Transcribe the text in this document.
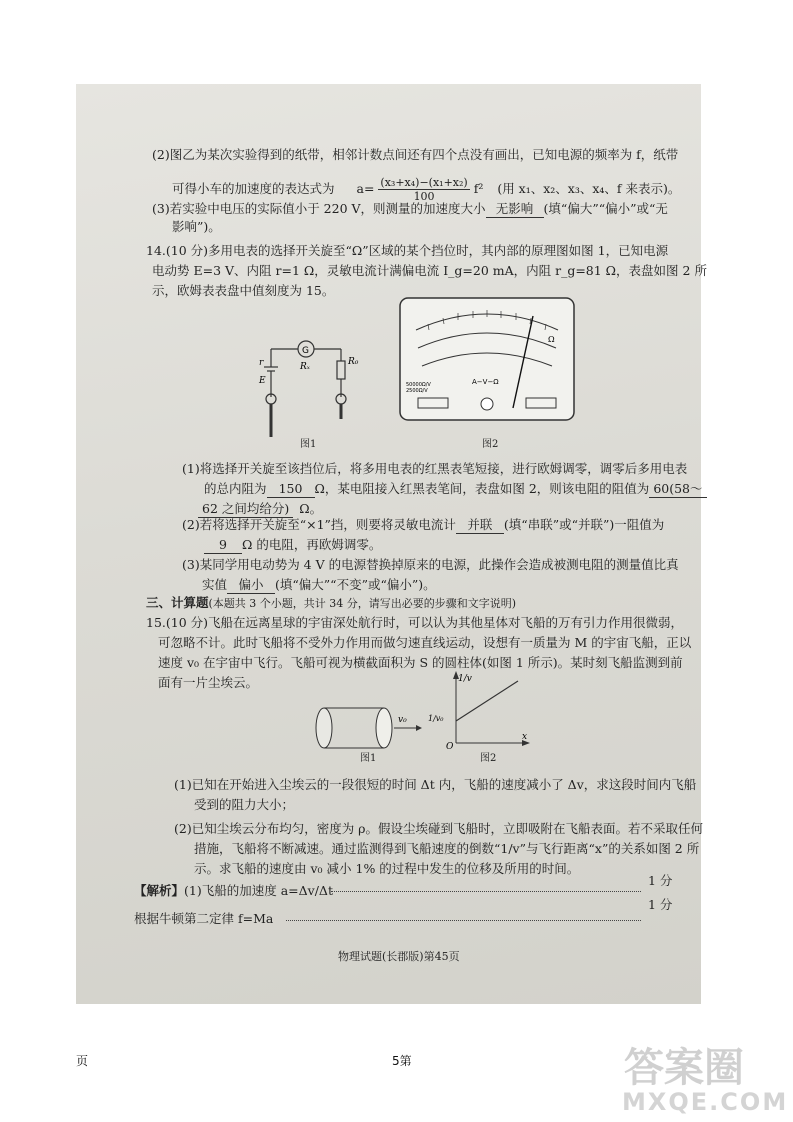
(2)图乙为某次实验得到的纸带，相邻计数点间还有四个点没有画出，已知电源的频率为 f，纸带
可得小车的加速度的表达式为 $a= \frac{\text{(x₃+x₄)−(x₁+x₂)}}{100} f^2$ (用 x₁、x₂、x₃、x₄、f 来表示)。
(3)若实验中电压的实际值小于 220 V，则测量的加速度大小 无影响 (填“偏大”“偏小”或“无
影响”)。
14.(10 分)多用电表的选择开关旋至“Ω”区域的某个挡位时，其内部的原理图如图 1，已知电源
电动势 E=3 V、内阻 r=1 Ω，灵敏电流计满偏电流 I_g=20 mA，内阻 r_g=81 Ω，表盘如图 2 所
示，欧姆表表盘中值刻度为 15。
G
r
E
Rₓ	R₀
图1
Ω
A−V−Ω
50000Ω/V
2500Ω/V
图2
(1)将选择开关旋至该挡位后，将多用电表的红黑表笔短接，进行欧姆调零，调零后多用电表
的总内阻为 150 Ω，某电阻接入红黑表笔间，表盘如图 2，则该电阻的阻值为 60(58～
62 之间均给分) Ω。
(2)若将选择开关旋至“×1”挡，则要将灵敏电流计 并联 (填“串联”或“并联”)一阻值为
9 Ω 的电阻，再欧姆调零。
(3)某同学用电动势为 4 V 的电源替换掉原来的电源，此操作会造成被测电阻的测量值比真
实值 偏小 (填“偏大”“不变”或“偏小”)。
三、计算题(本题共 3 个小题，共计 34 分，请写出必要的步骤和文字说明)
15.(10 分)飞船在远离星球的宇宙深处航行时，可以认为其他星体对飞船的万有引力作用很微弱，
可忽略不计。此时飞船将不受外力作用而做匀速直线运动，设想有一质量为 M 的宇宙飞船，正以
速度 v₀ 在宇宙中飞行。飞船可视为横截面积为 S 的圆柱体(如图 1 所示)。某时刻飞船监测到前
面有一片尘埃云。
v₀
图1
1/v
1/v₀
O
x
图2
(1)已知在开始进入尘埃云的一段很短的时间 Δt 内，飞船的速度减小了 Δv，求这段时间内飞船
受到的阻力大小；
(2)已知尘埃云分布均匀，密度为 ρ。假设尘埃碰到飞船时，立即吸附在飞船表面。若不采取任何
措施，飞船将不断减速。通过监测得到飞船速度的倒数“1/v”与飞行距离“x”的关系如图 2 所
示。求飞船的速度由 v₀ 减小 1% 的过程中发生的位移及所用的时间。
【解析】(1)飞船的加速度 a=Δv/Δt
1 分
根据牛顿第二定律 f=Ma
1 分
物理试题(长郡版)第45页
页	5第	答案圈
MXQE.COM
